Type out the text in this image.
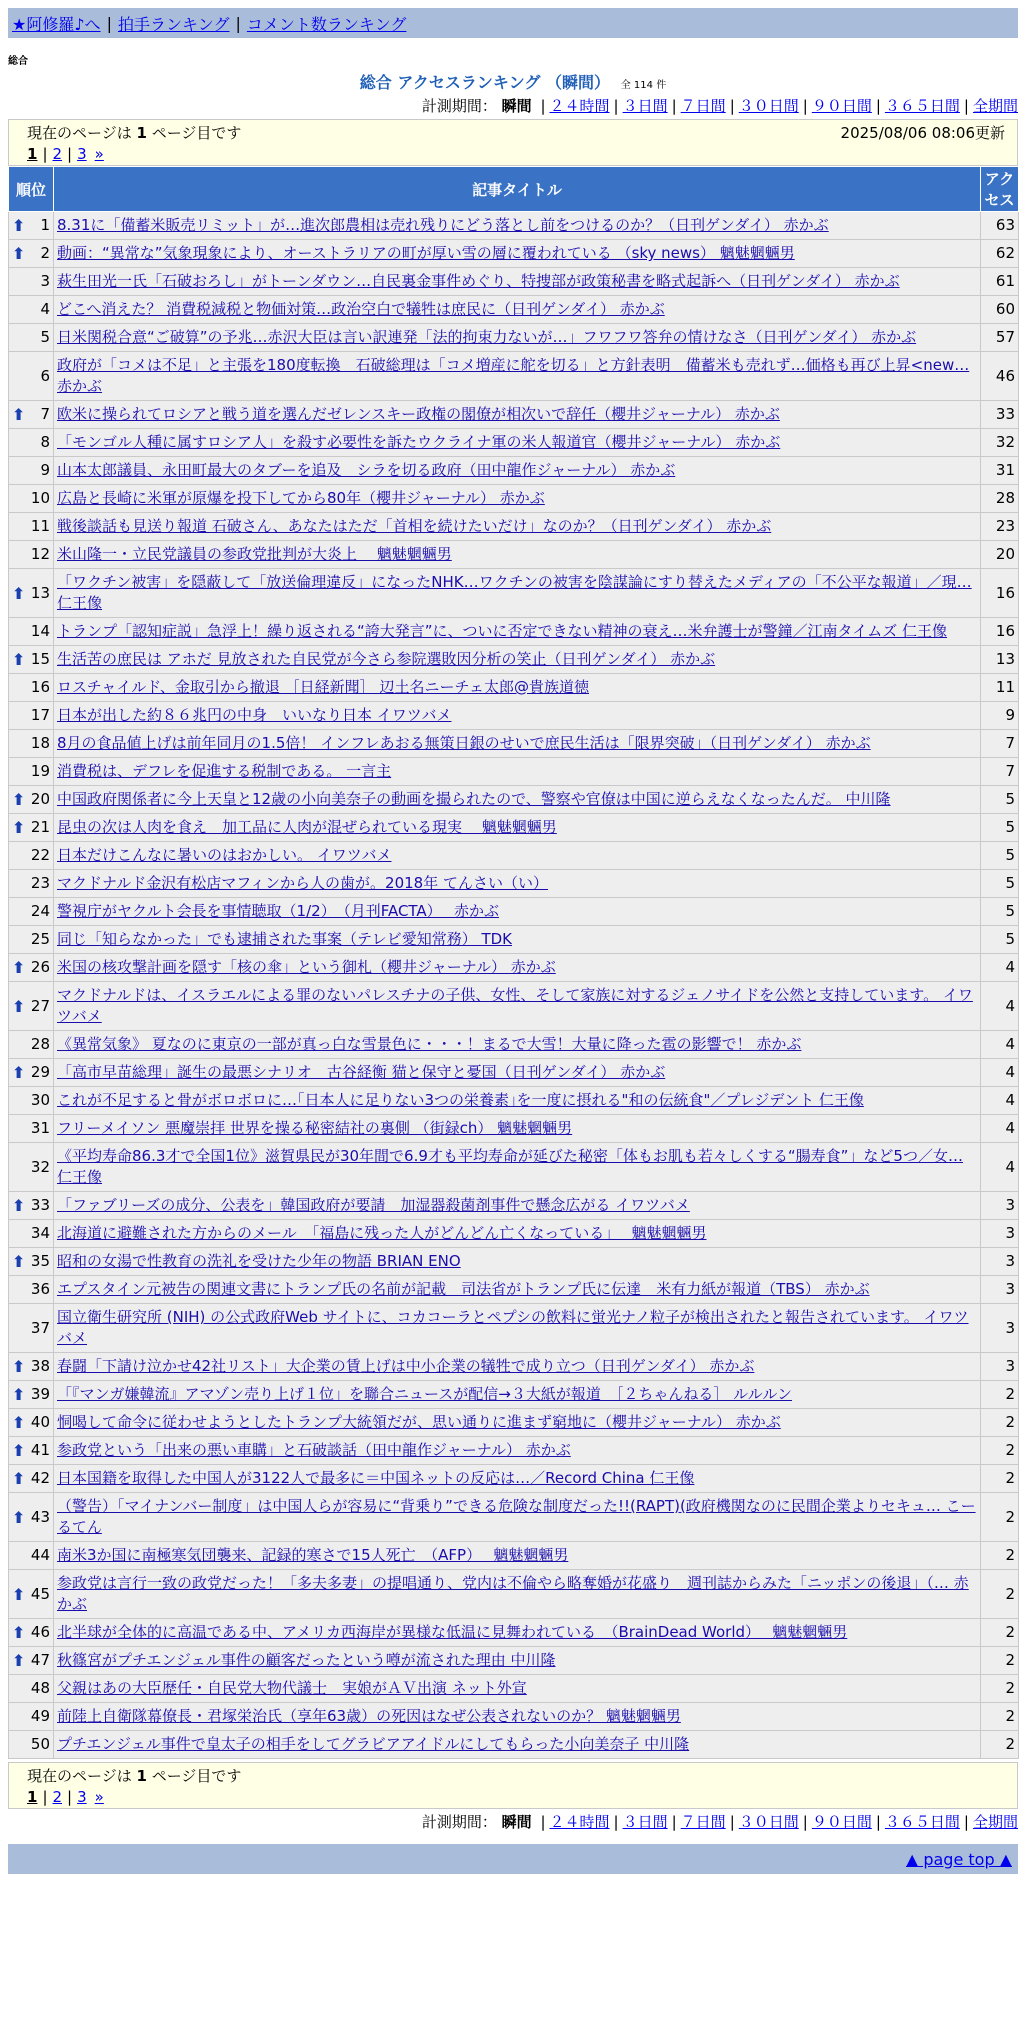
★阿修羅♪へ | 拍手ランキング | コメント数ランキング
総合
総合 アクセスランキング （瞬間） 全 114 件
計測期間： 瞬間 | ２４時間 | ３日間 | ７日間 | ３０日間 | ９０日間 | ３６５日間 | 全期間
現在のページは 1 ページ目です	2025/08/06 08:06更新
1 | 2 | 3 »
順位	記事タイトル	アクセス

⬆ 1	8.31に「備蓄米販売リミット」が…進次郎農相は売れ残りにどう落とし前をつけるのか？（日刊ゲンダイ） 赤かぶ	63

⬆ 2	動画：“異常な”気象現象により、オーストラリアの町が厚い雪の層に覆われている （sky news） 魑魅魍魎男	62
3	萩生田光一氏「石破おろし」がトーンダウン…自民裏金事件めぐり、特捜部が政策秘書を略式起訴へ（日刊ゲンダイ） 赤かぶ	61
4	どこへ消えた？ 消費税減税と物価対策…政治空白で犠牲は庶民に（日刊ゲンダイ） 赤かぶ	60
5	日米関税合意“ご破算”の予兆…赤沢大臣は言い訳連発「法的拘束力ないが…」フワフワ答弁の情けなさ（日刊ゲンダイ） 赤かぶ	57
6	政府が「コメは不足」と主張を180度転換　石破総理は「コメ増産に舵を切る」と方針表明　備蓄米も売れず…価格も再び上昇<new… 赤かぶ	46

⬆ 7	欧米に操られてロシアと戦う道を選んだゼレンスキー政権の閣僚が相次いで辞任（櫻井ジャーナル） 赤かぶ	33
8	「モンゴル人種に属すロシア人」を殺す必要性を訴たウクライナ軍の米人報道官（櫻井ジャーナル） 赤かぶ	32
9	山本太郎議員、永田町最大のタブーを追及　シラを切る政府（田中龍作ジャーナル） 赤かぶ	31
10	広島と長崎に米軍が原爆を投下してから80年（櫻井ジャーナル） 赤かぶ	28
11	戦後談話も見送り報道 石破さん、あなたはただ「首相を続けたいだけ」なのか？（日刊ゲンダイ） 赤かぶ	23
12	米山隆一・立民党議員の参政党批判が大炎上　 魑魅魍魎男	20

⬆ 13	「ワクチン被害」を隠蔽して「放送倫理違反」になったNHK…ワクチンの被害を陰謀論にすり替えたメディアの「不公平な報道」／現… 仁王像	16
14	トランプ「認知症説」急浮上！繰り返される“誇大発言”に、ついに否定できない精神の衰え…米弁護士が警鐘／江南タイムズ 仁王像	16

⬆ 15	生活苦の庶民は アホだ 見放された自民党が今さら参院選敗因分析の笑止（日刊ゲンダイ） 赤かぶ	13
16	ロスチャイルド、金取引から撤退 ［日経新聞］ 辺土名ニーチェ太郎@貴族道徳	11
17	日本が出した約８６兆円の中身　いいなり日本 イワツバメ	9
18	8月の食品値上げは前年同月の1.5倍！ インフレあおる無策日銀のせいで庶民生活は「限界突破」（日刊ゲンダイ） 赤かぶ	7
19	消費税は、デフレを促進する税制である。 一言主	7

⬆ 20	中国政府関係者に今上天皇と12歳の小向美奈子の動画を撮られたので、警察や官僚は中国に逆らえなくなったんだ。 中川隆	5

⬆ 21	昆虫の次は人肉を食え　加工品に人肉が混ぜられている現実　 魑魅魍魎男	5
22	日本だけこんなに暑いのはおかしい。 イワツバメ	5
23	マクドナルド金沢有松店マフィンから人の歯が。2018年 てんさい（い）	5
24	警視庁がヤクルト会長を事情聴取（1/2）　（月刊FACTA）　 赤かぶ	5
25	同じ「知らなかった」でも逮捕された事案（テレビ愛知常務） TDK	5

⬆ 26	米国の核攻撃計画を隠す「核の傘」という御札（櫻井ジャーナル） 赤かぶ	4

⬆ 27	マクドナルドは、イスラエルによる罪のないパレスチナの子供、女性、そして家族に対するジェノサイドを公然と支持しています。 イワツバメ	4
28	《異常気象》 夏なのに東京の一部が真っ白な雪景色に・・・！まるで大雪！大量に降った雹の影響で！ 赤かぶ	4

⬆ 29	「高市早苗総理」誕生の最悪シナリオ　古谷経衡 猫と保守と憂国（日刊ゲンダイ） 赤かぶ	4
30	これが不足すると骨がボロボロに…｢日本人に足りない3つの栄養素｣を一度に摂れる"和の伝統食"／プレジデント 仁王像	4
31	フリーメイソン 悪魔崇拝 世界を操る秘密結社の裏側 （街録ch） 魑魅魍魎男	4
32	《平均寿命86.3才で全国1位》滋賀県民が30年間で6.9才も平均寿命が延びた秘密「体もお肌も若々しくする“腸寿食”」など5つ／女… 仁王像	4

⬆ 33	「ファブリーズの成分、公表を」韓国政府が要請　加湿器殺菌剤事件で懸念広がる イワツバメ	3
34	北海道に避難された方からのメール　「福島に残った人がどんどん亡くなっている」　 魑魅魍魎男	3

⬆ 35	昭和の女湯で性教育の洗礼を受けた少年の物語 BRIAN ENO	3
36	エプスタイン元被告の関連文書にトランプ氏の名前が記載　司法省がトランプ氏に伝達　米有力紙が報道（TBS） 赤かぶ	3
37	国立衛生研究所 (NIH) の公式政府Web サイトに、コカコーラとペプシの飲料に蛍光ナノ粒子が検出されたと報告されています。 イワツバメ	3

⬆ 38	春闘「下請け泣かせ42社リスト」大企業の賃上げは中小企業の犠牲で成り立つ（日刊ゲンダイ） 赤かぶ	3

⬆ 39	「『マンガ嫌韓流』アマゾン売り上げ１位」を聯合ニュースが配信→３大紙が報道　［２ちゃんねる］ ルルルン	2

⬆ 40	恫喝して命令に従わせようとしたトランプ大統領だが、思い通りに進まず窮地に（櫻井ジャーナル） 赤かぶ	2

⬆ 41	参政党という「出来の悪い車購」と石破談話（田中龍作ジャーナル） 赤かぶ	2

⬆ 42	日本国籍を取得した中国人が3122人で最多に＝中国ネットの反応は…／Record China 仁王像	2

⬆ 43	（警告）「マイナンバー制度」は中国人らが容易に“背乗り”できる危険な制度だった!!(RAPT)(政府機関なのに民間企業よりセキュ… こーるてん	2
44	南米3か国に南極寒気団襲来、記録的寒さで15人死亡　（AFP）　 魑魅魍魎男	2

⬆ 45	参政党は言行一致の政党だった！「多夫多妻」の提唱通り、党内は不倫やら略奪婚が花盛り　週刊誌からみた「ニッポンの後退」（… 赤かぶ	2

⬆ 46	北半球が全体的に高温である中、アメリカ西海岸が異様な低温に見舞われている　（BrainDead World）　 魑魅魍魎男	2

⬆ 47	秋篠宮がプチエンジェル事件の顧客だったという噂が流された理由 中川隆	2
48	父親はあの大臣歴任・自民党大物代議士　実娘がＡＶ出演 ネット外宣	2
49	前陸上自衛隊幕僚長・君塚栄治氏（享年63歳）の死因はなぜ公表されないのか？ 魑魅魍魎男	2
50	プチエンジェル事件で皇太子の相手をしてグラビアアイドルにしてもらった小向美奈子 中川隆	2
現在のページは 1 ページ目です
1 | 2 | 3 »
計測期間： 瞬間 | ２４時間 | ３日間 | ７日間 | ３０日間 | ９０日間 | ３６５日間 | 全期間
▲ page top ▲
